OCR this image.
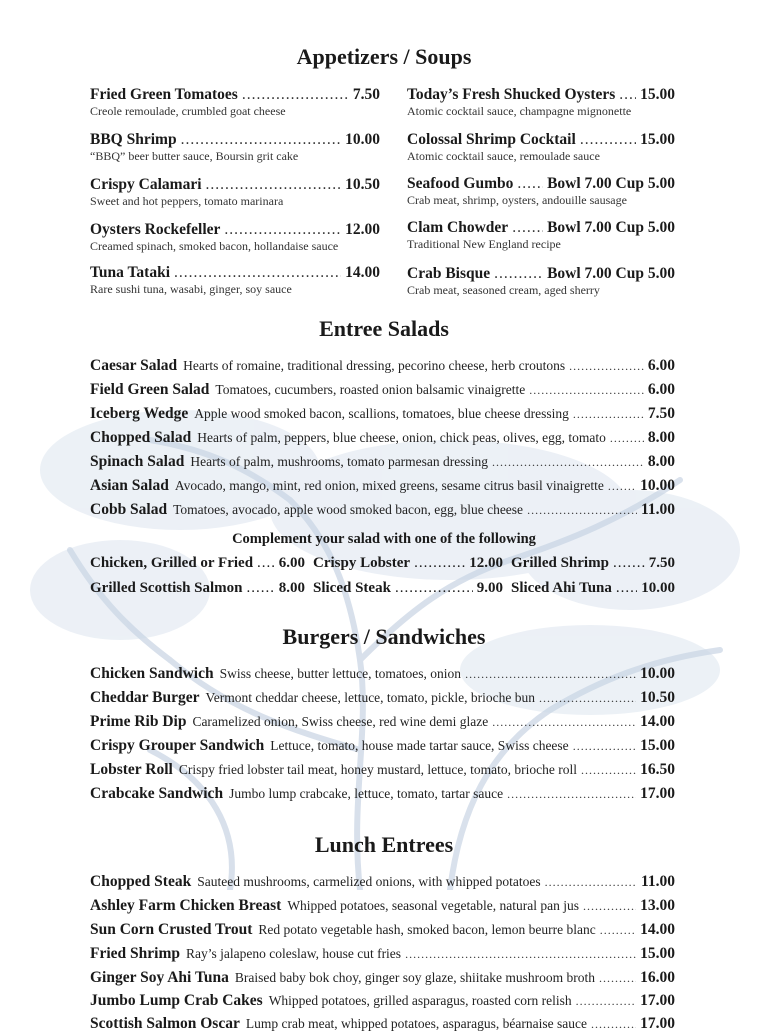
Appetizers / Soups
Fried Green Tomatoes .....	7.50
Creole remoulade, crumbled goat cheese
BBQ Shrimp .....	10.00
“BBQ” beer butter sauce, Boursin grit cake
Crispy Calamari .....	10.50
Sweet and hot peppers, tomato marinara
Oysters Rockefeller .....	12.00
Creamed spinach, smoked bacon, hollandaise sauce
Tuna Tataki .....	14.00
Rare sushi tuna, wasabi, ginger, soy sauce
Today’s Fresh Shucked Oysters ..... 15.00
Atomic cocktail sauce, champagne mignonette
Colossal Shrimp Cocktail .....	15.00
Atomic cocktail sauce, remoulade sauce
Seafood Gumbo ..... Bowl 7.00 Cup 5.00
Crab meat, shrimp, oysters, andouille sausage
Clam Chowder .....	Bowl 7.00 Cup 5.00
Traditional New England recipe
Crab Bisque .....	Bowl 7.00 Cup 5.00
Crab meat, seasoned cream, aged sherry
Entree Salads
Caesar Salad Hearts of romaine, traditional dressing, pecorino cheese, herb croutons .....	6.00
Field Green Salad Tomatoes, cucumbers, roasted onion balsamic vinaigrette .....	6.00
Iceberg Wedge Apple wood smoked bacon, scallions, tomatoes, blue cheese dressing .....	7.50
Chopped Salad Hearts of palm, peppers, blue cheese, onion, chick peas, olives, egg, tomato .....	8.00
Spinach Salad Hearts of palm, mushrooms, tomato parmesan dressing .....	8.00
Asian Salad Avocado, mango, mint, red onion, mixed greens, sesame citrus basil vinaigrette ..... 10.00
Cobb Salad Tomatoes, avocado, apple wood smoked bacon, egg, blue cheese .....	11.00
Complement your salad with one of the following
Chicken, Grilled or Fried ..... 6.00 Crispy Lobster .....	12.00 Grilled Shrimp .....	7.50
Grilled Scottish Salmon ..... 8.00 Sliced Steak .....	9.00 Sliced Ahi Tuna ..... 10.00
Burgers / Sandwiches
Chicken Sandwich Swiss cheese, butter lettuce, tomatoes, onion .....	10.00
Cheddar Burger Vermont cheddar cheese, lettuce, tomato, pickle, brioche bun .....	10.50
Prime Rib Dip Caramelized onion, Swiss cheese, red wine demi glaze .....	14.00
Crispy Grouper Sandwich Lettuce, tomato, house made tartar sauce, Swiss cheese .....	15.00
Lobster Roll Crispy fried lobster tail meat, honey mustard, lettuce, tomato, brioche roll .....	16.50
Crabcake Sandwich Jumbo lump crabcake, lettuce, tomato, tartar sauce .....	17.00
Lunch Entrees
Chopped Steak Sauteed mushrooms, carmelized onions, with whipped potatoes .....	11.00
Ashley Farm Chicken Breast Whipped potatoes, seasonal vegetable, natural pan jus .....	13.00
Sun Corn Crusted Trout Red potato vegetable hash, smoked bacon, lemon beurre blanc .....	14.00
Fried Shrimp Ray’s jalapeno coleslaw, house cut fries .....	15.00
Ginger Soy Ahi Tuna Braised baby bok choy, ginger soy glaze, shiitake mushroom broth .....	16.00
Jumbo Lump Crab Cakes Whipped potatoes, grilled asparagus, roasted corn relish .....	17.00
Scottish Salmon Oscar Lump crab meat, whipped potatoes, asparagus, béarnaise sauce .....	17.00
